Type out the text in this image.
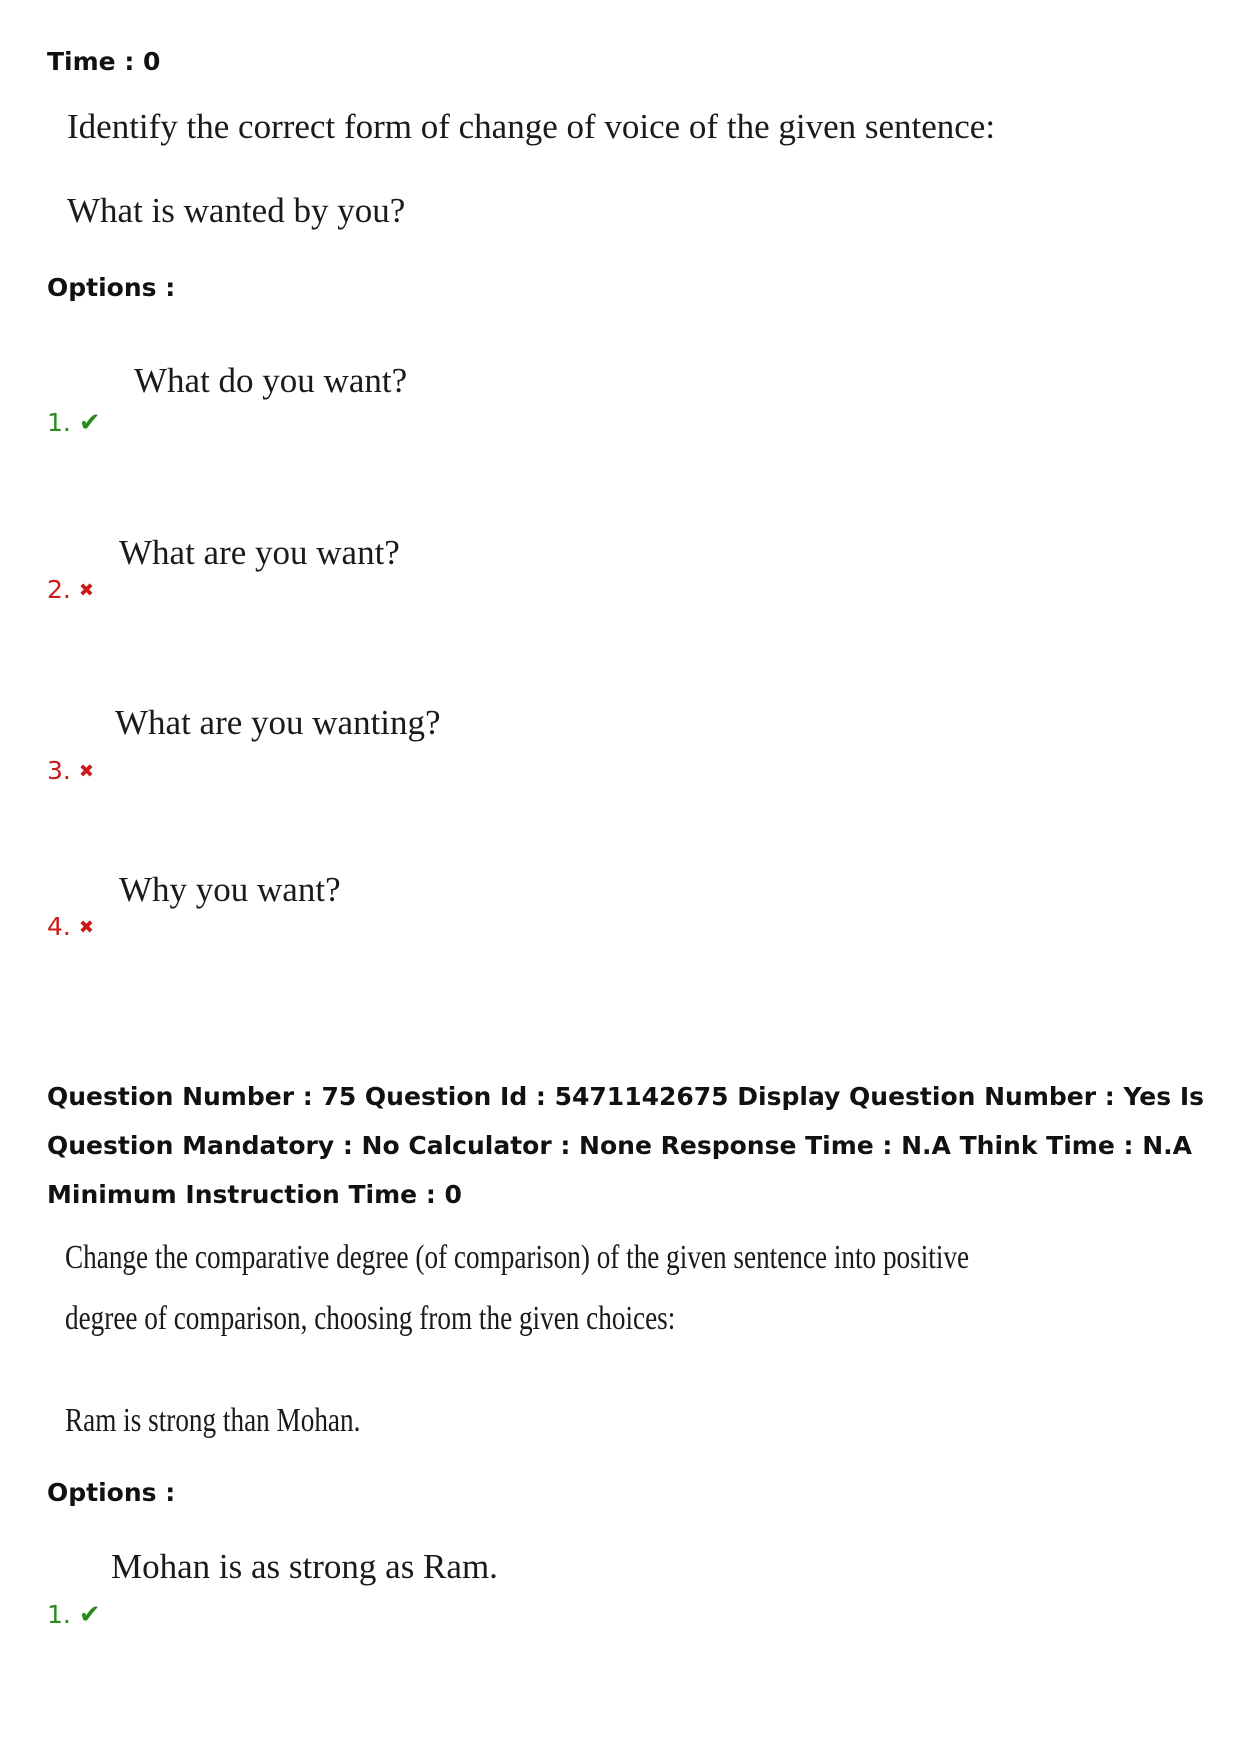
Time : 0

Identify the correct form of change of voice of the given sentence:

What is wanted by you?

Options :

What do you want?

1. ✔

What are you want?

2. ✖

What are you wanting?

3. ✖

Why you want?

4. ✖

Question Number : 75 Question Id : 5471142675 Display Question Number : Yes Is Question Mandatory : No Calculator : None Response Time : N.A Think Time : N.A Minimum Instruction Time : 0

Change the comparative degree (of comparison) of the given sentence into positive

degree of comparison, choosing from the given choices:

Ram is strong than Mohan.

Options :

Mohan is as strong as Ram.

1. ✔
